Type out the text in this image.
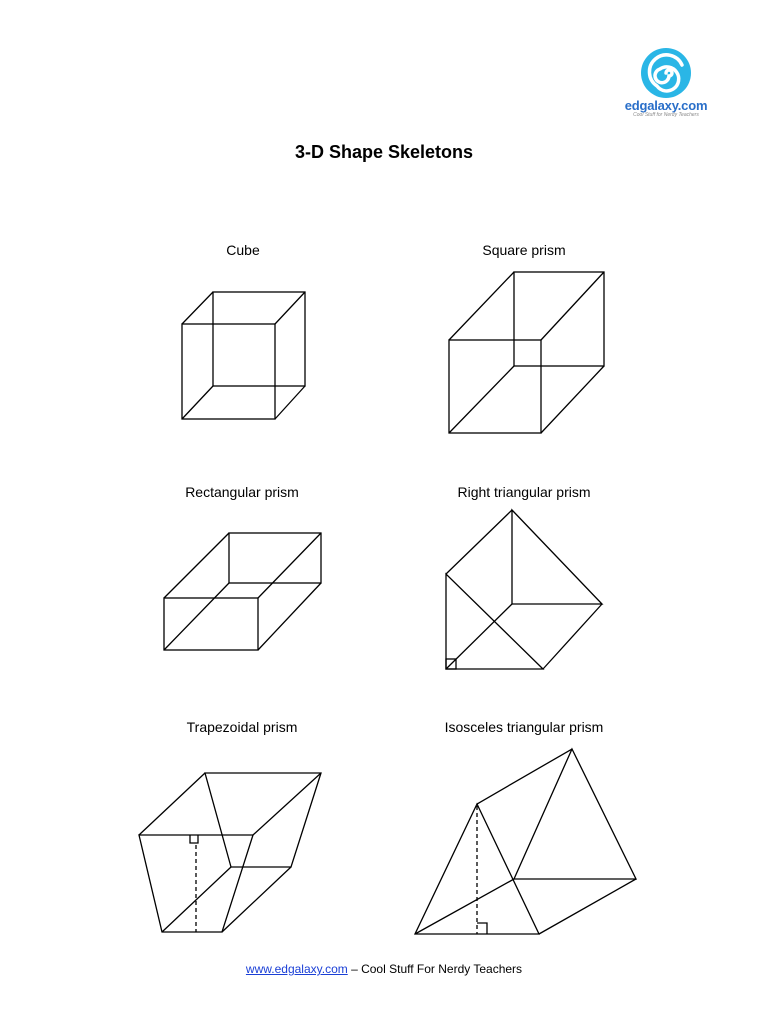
edgalaxy.com
Cool Stuff for Nerdy Teachers
3-D Shape Skeletons
Cube	Square prism
Rectangular prism	Right triangular prism
Trapezoidal prism	Isosceles triangular prism
www.edgalaxy.com – Cool Stuff For Nerdy Teachers
